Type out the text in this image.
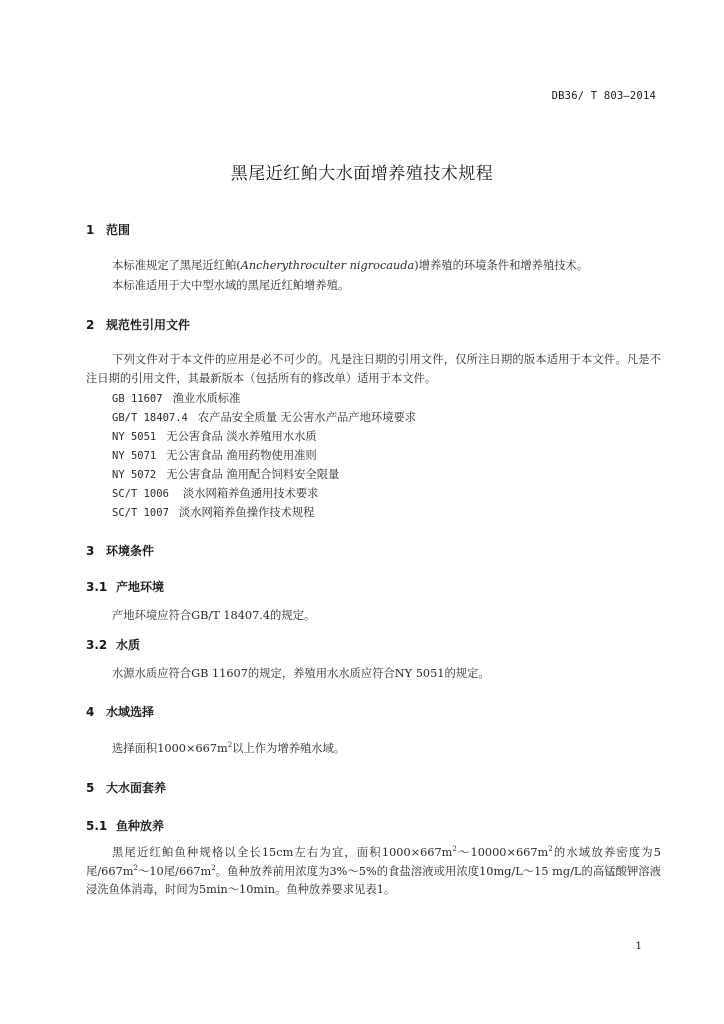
DB36/ T 803—2014
黑尾近红鲌大水面增养殖技术规程
1 范围
本标准规定了黑尾近红鲌(Ancherythroculter nigrocauda)增养殖的环境条件和增养殖技术。
本标准适用于大中型水域的黑尾近红鲌增养殖。
2 规范性引用文件
下列文件对于本文件的应用是必不可少的。凡是注日期的引用文件，仅所注日期的版本适用于本文件。凡是不注日期的引用文件，其最新版本（包括所有的修改单）适用于本文件。
GB 11607 渔业水质标准
GB/T 18407.4 农产品安全质量 无公害水产品产地环境要求
NY 5051 无公害食品 淡水养殖用水水质
NY 5071 无公害食品 渔用药物使用准则
NY 5072 无公害食品 渔用配合饲料安全限量
SC/T 1006 淡水网箱养鱼通用技术要求
SC/T 1007 淡水网箱养鱼操作技术规程
3 环境条件
3.1 产地环境
产地环境应符合GB/T 18407.4的规定。
3.2 水质
水源水质应符合GB 11607的规定，养殖用水水质应符合NY 5051的规定。
4 水域选择
选择面积$1000\times 667m^2$以上作为增养殖水域。
5 大水面套养
5.1 鱼种放养
黑尾近红鲌鱼种规格以全长15cm左右为宜，面积$1000\times 667m^2\sim 10000\times 667m^2$的水域放养密度为5尾$/667m^2\sim 10$尾$/667m^2$。鱼种放养前用浓度为3%～5%的食盐溶液或用浓度10mg/L～15 mg/L的高锰酸钾溶液浸洗鱼体消毒，时间为5min～10min。鱼种放养要求见表1。
1
